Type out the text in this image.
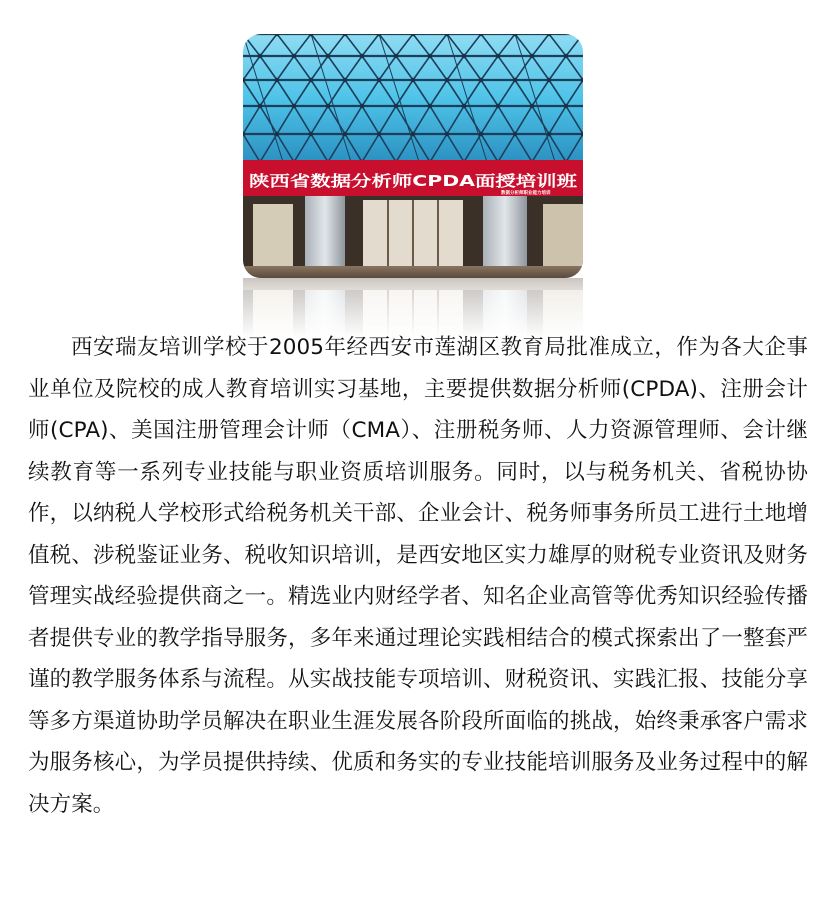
陕西省数据分析师CPDA面授培训班
数据分析师职业能力培训

西安瑞友培训学校于2005年经西安市莲湖区教育局批准成立，作为各大企事业单位及院校的成人教育培训实习基地，主要提供数据分析师(CPDA)、注册会计师(CPA)、美国注册管理会计师（CMA）、注册税务师、人力资源管理师、会计继续教育等一系列专业技能与职业资质培训服务。同时，以与税务机关、省税协协作，以纳税人学校形式给税务机关干部、企业会计、税务师事务所员工进行土地增值税、涉税鉴证业务、税收知识培训，是西安地区实力雄厚的财税专业资讯及财务管理实战经验提供商之一。精选业内财经学者、知名企业高管等优秀知识经验传播者提供专业的教学指导服务，多年来通过理论实践相结合的模式探索出了一整套严谨的教学服务体系与流程。从实战技能专项培训、财税资讯、实践汇报、技能分享等多方渠道协助学员解决在职业生涯发展各阶段所面临的挑战，始终秉承客户需求为服务核心，为学员提供持续、优质和务实的专业技能培训服务及业务过程中的解决方案。
